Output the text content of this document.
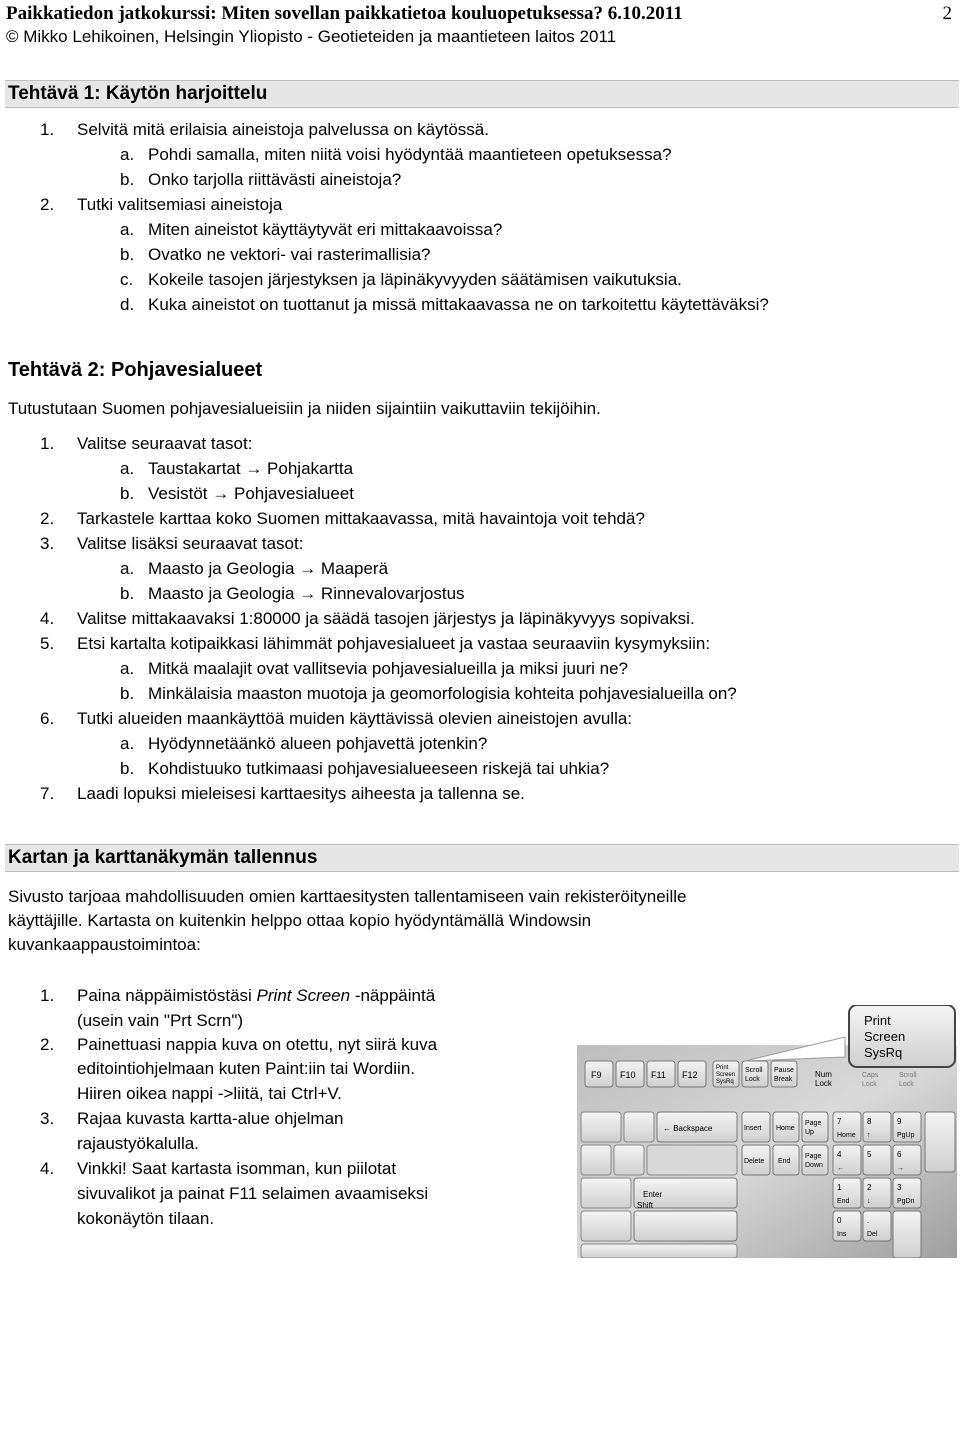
Paikkatiedon jatkokurssi: Miten sovellan paikkatietoa kouluopetuksessa? 6.10.2011	2
© Mikko Lehikoinen, Helsingin Yliopisto - Geotieteiden ja maantieteen laitos 2011
Tehtävä 1: Käytön harjoittelu
1. Selvitä mitä erilaisia aineistoja palvelussa on käytössä.
a. Pohdi samalla, miten niitä voisi hyödyntää maantieteen opetuksessa?
b. Onko tarjolla riittävästi aineistoja?
2. Tutki valitsemiasi aineistoja
a. Miten aineistot käyttäytyvät eri mittakaavoissa?
b. Ovatko ne vektori- vai rasterimallisia?
c. Kokeile tasojen järjestyksen ja läpinäkyvyyden säätämisen vaikutuksia.
d. Kuka aineistot on tuottanut ja missä mittakaavassa ne on tarkoitettu käytettäväksi?
Tehtävä 2: Pohjavesialueet
Tutustutaan Suomen pohjavesialueisiin ja niiden sijaintiin vaikuttaviin tekijöihin.
1. Valitse seuraavat tasot:
a. Taustakartat → Pohjakartta
b. Vesistöt → Pohjavesialueet
2. Tarkastele karttaa koko Suomen mittakaavassa, mitä havaintoja voit tehdä?
3. Valitse lisäksi seuraavat tasot:
a. Maasto ja Geologia → Maaperä
b. Maasto ja Geologia → Rinnevalovarjostus
4. Valitse mittakaavaksi 1:80000 ja säädä tasojen järjestys ja läpinäkyvyys sopivaksi.
5. Etsi kartalta kotipaikkasi lähimmät pohjavesialueet ja vastaa seuraaviin kysymyksiin:
a. Mitkä maalajit ovat vallitsevia pohjavesialueilla ja miksi juuri ne?
b. Minkälaisia maaston muotoja ja geomorfologisia kohteita pohjavesialueilla on?
6. Tutki alueiden maankäyttöä muiden käyttävissä olevien aineistojen avulla:
a. Hyödynnetäänkö alueen pohjavettä jotenkin?
b. Kohdistuuko tutkimaasi pohjavesialueeseen riskejä tai uhkia?
7. Laadi lopuksi mieleisesi karttaesitys aiheesta ja tallenna se.
Kartan ja karttanäkymän tallennus
Sivusto tarjoaa mahdollisuuden omien karttaesitysten tallentamiseen vain rekisteröityneille
käyttäjille. Kartasta on kuitenkin helppo ottaa kopio hyödyntämällä Windowsin
kuvankaappaustoimintoa:
1. Paina näppäimistöstäsi Print Screen -näppäintä
(usein vain "Prt Scrn")
2. Painettuasi nappia kuva on otettu, nyt siirä kuva
editointiohjelmaan kuten Paint:iin tai Wordiin.
Hiiren oikea nappi ->liitä, tai Ctrl+V.
3. Rajaa kuvasta kartta-alue ohjelman
rajaustyökalulla.
4. Vinkki! Saat kartasta isomman, kun piilotat
sivuvalikot ja painat F11 selaimen avaamiseksi
kokonäytön tilaan.
F9 F10 F11 F12
Print
Screen
SysRq
Scroll
Lock
Pause
Break
Num
Lock
Caps
Lock
Scroll
Lock
← Backspace
Enter
Shift
Insert Home
Page
Up
Delete End
Page
Down
7
Home
8
↑
9
PgUp
4
←
5	6
→
1
End
2
↓
3
PgDn
0
Ins
.
Del
Print
Screen
SysRq
